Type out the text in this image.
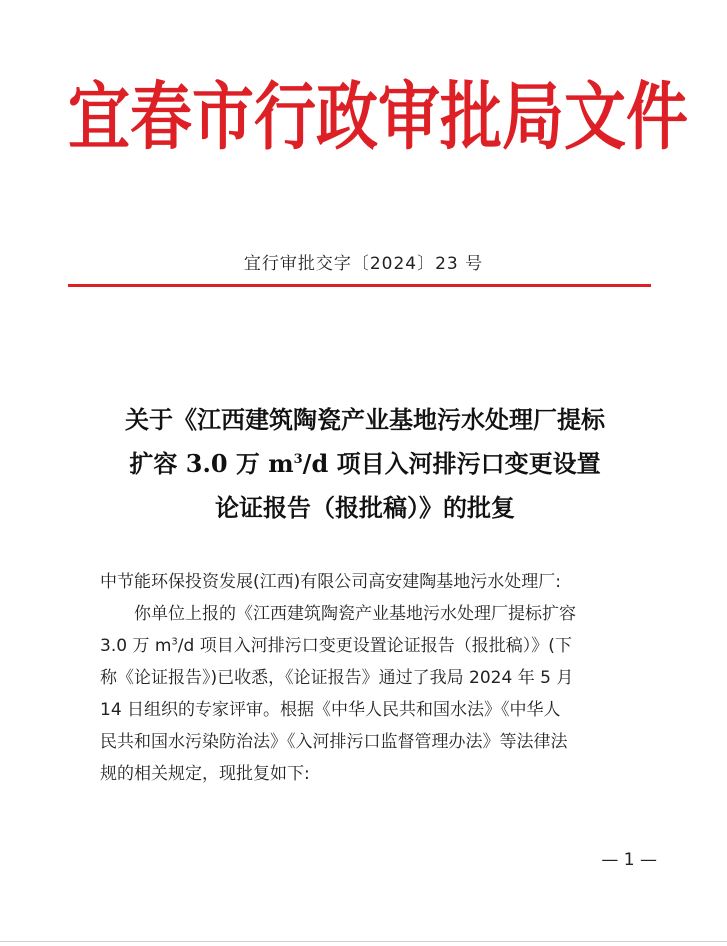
宜春市行政审批局文件
宜行审批交字〔2024〕23 号
关于《江西建筑陶瓷产业基地污水处理厂提标
扩容 3.0 万 $m^3/d$ 项目入河排污口变更设置
论证报告（报批稿）》的批复
中节能环保投资发展(江西)有限公司高安建陶基地污水处理厂:
你单位上报的《江西建筑陶瓷产业基地污水处理厂提标扩容
3.0 万 $m^3/d$ 项目入河排污口变更设置论证报告（报批稿）》(下
称《论证报告》)已收悉，《论证报告》通过了我局 2024 年 5 月
14 日组织的专家评审。根据《中华人民共和国水法》《中华人
民共和国水污染防治法》《入河排污口监督管理办法》等法律法
规的相关规定，现批复如下:
— 1 —
